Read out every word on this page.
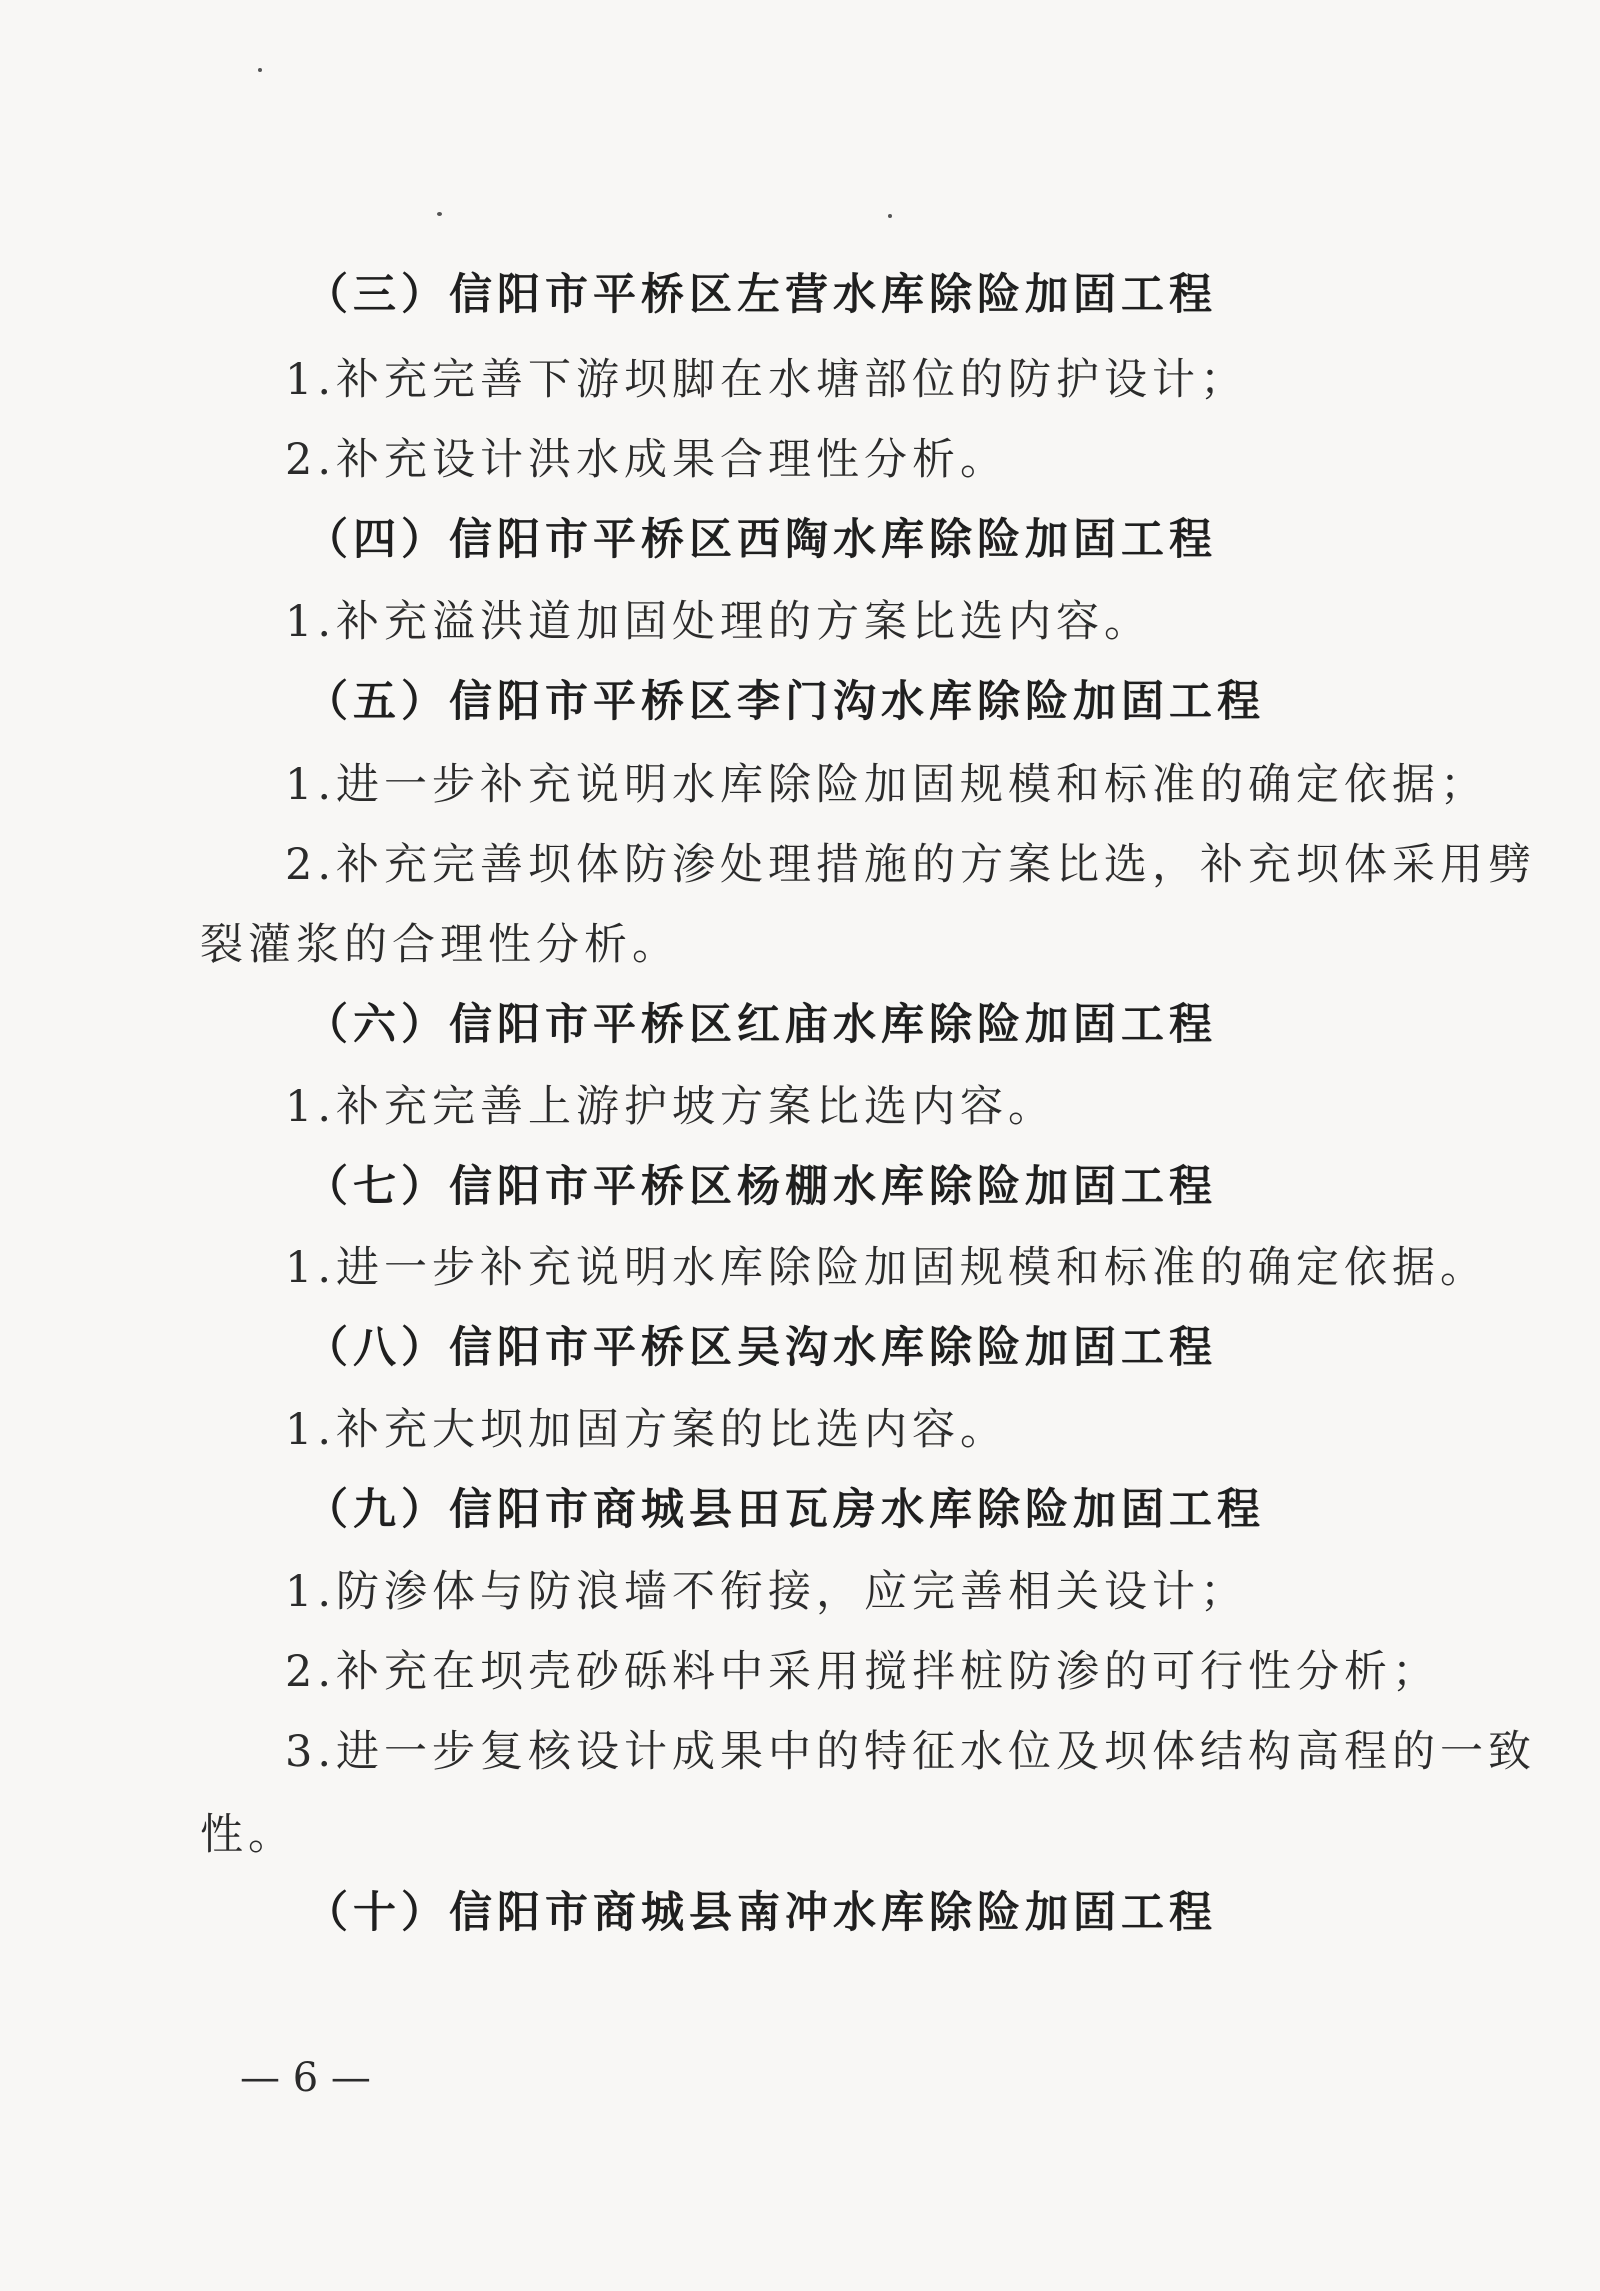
（三）信阳市平桥区左营水库除险加固工程
1.补充完善下游坝脚在水塘部位的防护设计；
2.补充设计洪水成果合理性分析。
（四）信阳市平桥区西陶水库除险加固工程
1.补充溢洪道加固处理的方案比选内容。
（五）信阳市平桥区李门沟水库除险加固工程
1.进一步补充说明水库除险加固规模和标准的确定依据；
2.补充完善坝体防渗处理措施的方案比选，补充坝体采用劈
裂灌浆的合理性分析。
（六）信阳市平桥区红庙水库除险加固工程
1.补充完善上游护坡方案比选内容。
（七）信阳市平桥区杨棚水库除险加固工程
1.进一步补充说明水库除险加固规模和标准的确定依据。
（八）信阳市平桥区吴沟水库除险加固工程
1.补充大坝加固方案的比选内容。
（九）信阳市商城县田瓦房水库除险加固工程
1.防渗体与防浪墙不衔接，应完善相关设计；
2.补充在坝壳砂砾料中采用搅拌桩防渗的可行性分析；
3.进一步复核设计成果中的特征水位及坝体结构高程的一致
性。
（十）信阳市商城县南冲水库除险加固工程
— 6 —
